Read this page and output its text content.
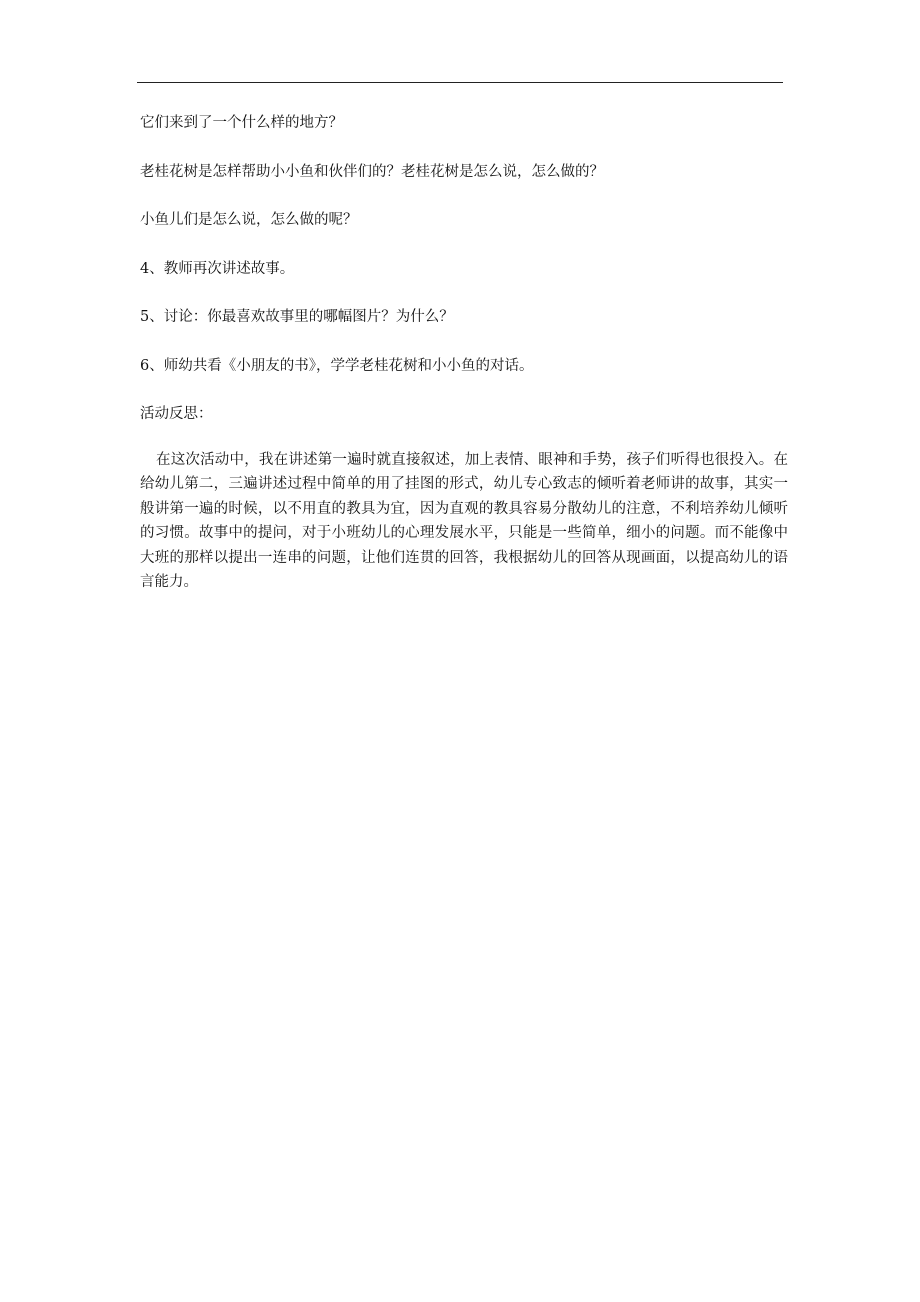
它们来到了一个什么样的地方？

老桂花树是怎样帮助小小鱼和伙伴们的？老桂花树是怎么说，怎么做的？

小鱼儿们是怎么说，怎么做的呢？

4、教师再次讲述故事。

5、讨论：你最喜欢故事里的哪幅图片？为什么？

6、师幼共看《小朋友的书》，学学老桂花树和小小鱼的对话。

活动反思：

在这次活动中，我在讲述第一遍时就直接叙述，加上表情、眼神和手势，孩子们听得也很投入。在给幼儿第二，三遍讲述过程中简单的用了挂图的形式，幼儿专心致志的倾听着老师讲的故事，其实一般讲第一遍的时候，以不用直的教具为宜，因为直观的教具容易分散幼儿的注意，不利培养幼儿倾听的习惯。故事中的提问，对于小班幼儿的心理发展水平，只能是一些简单，细小的问题。而不能像中大班的那样以提出一连串的问题，让他们连贯的回答，我根据幼儿的回答从现画面，以提高幼儿的语言能力。
